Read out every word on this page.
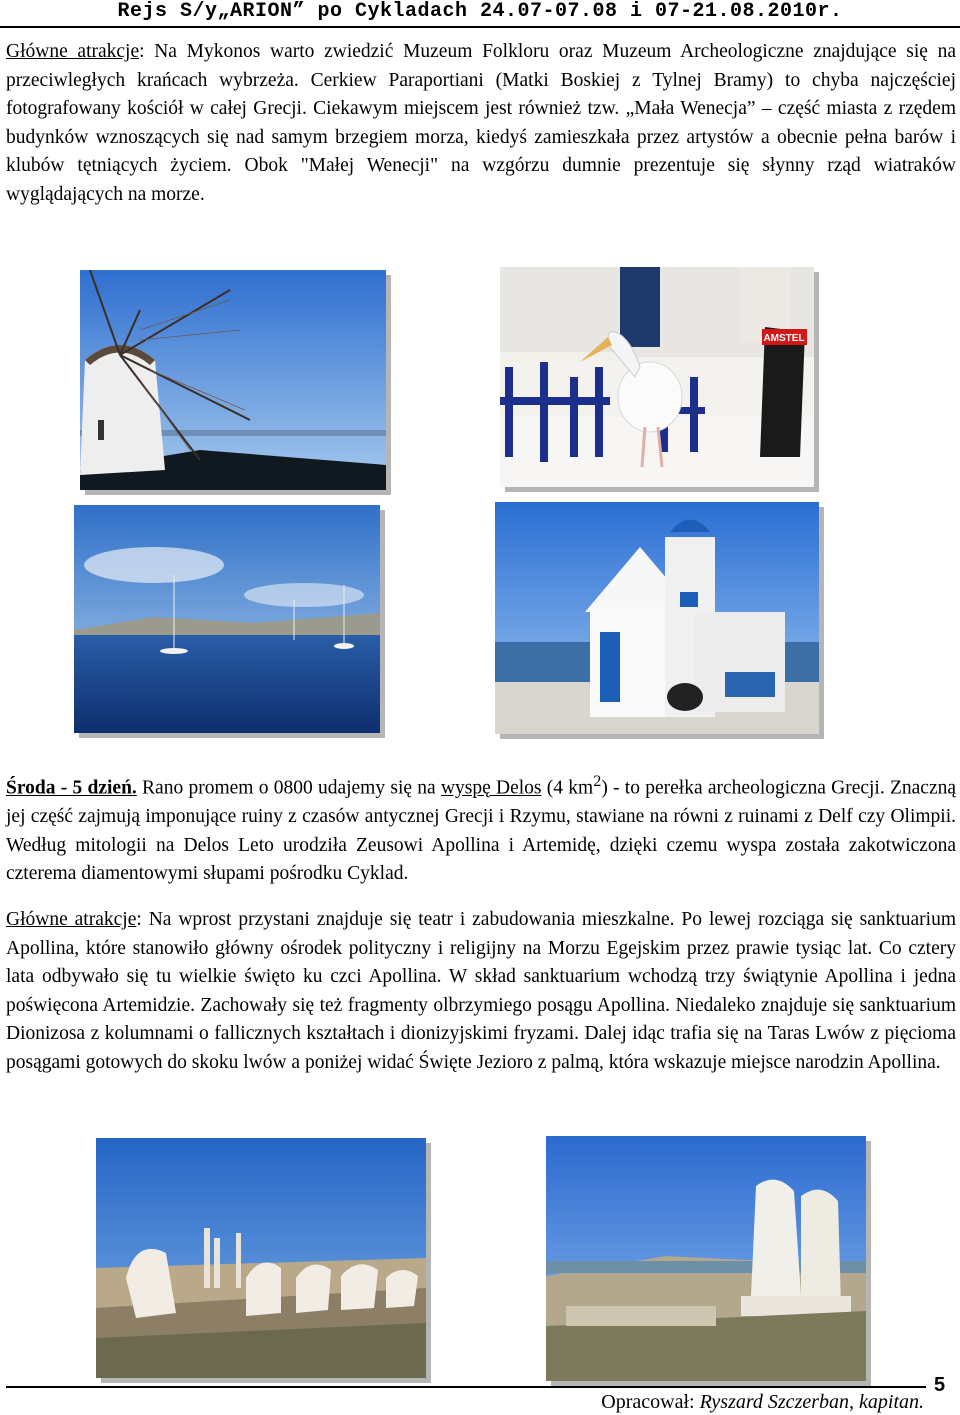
Rejs S/y„ARION” po Cykladach 24.07-07.08 i 07-21.08.2010r.

Główne atrakcje: Na Mykonos warto zwiedzić Muzeum Folkloru oraz Muzeum Archeologiczne znajdujące się na przeciwległych krańcach wybrzeża. Cerkiew Paraportiani (Matki Boskiej z Tylnej Bramy) to chyba najczęściej fotografowany kościół w całej Grecji. Ciekawym miejscem jest również tzw. „Mała Wenecja” – część miasta z rzędem budynków wznoszących się nad samym brzegiem morza, kiedyś zamieszkała przez artystów a obecnie pełna barów i klubów tętniących życiem. Obok "Małej Wenecji" na wzgórzu dumnie prezentuje się słynny rząd wiatraków wyglądających na morze.

AMSTEL

Środa - 5 dzień. Rano promem o 0800 udajemy się na wyspę Delos (4 $km^2$) - to perełka archeologiczna Grecji. Znaczną jej część zajmują imponujące ruiny z czasów antycznej Grecji i Rzymu, stawiane na równi z ruinami z Delf czy Olimpii. Według mitologii na Delos Leto urodziła Zeusowi Apollina i Artemidę, dzięki czemu wyspa została zakotwiczona czterema diamentowymi słupami pośrodku Cyklad.

Główne atrakcje: Na wprost przystani znajduje się teatr i zabudowania mieszkalne. Po lewej rozciąga się sanktuarium Apollina, które stanowiło główny ośrodek polityczny i religijny na Morzu Egejskim przez prawie tysiąc lat. Co cztery lata odbywało się tu wielkie święto ku czci Apollina. W skład sanktuarium wchodzą trzy świątynie Apollina i jedna poświęcona Artemidzie. Zachowały się też fragmenty olbrzymiego posągu Apollina. Niedaleko znajduje się sanktuarium Dionizosa z kolumnami o fallicznych kształtach i dionizyjskimi fryzami. Dalej idąc trafia się na Taras Lwów z pięcioma posągami gotowych do skoku lwów a poniżej widać Święte Jezioro z palmą, która wskazuje miejsce narodzin Apollina.

Opracował: Ryszard Szczerban, kapitan.
5
